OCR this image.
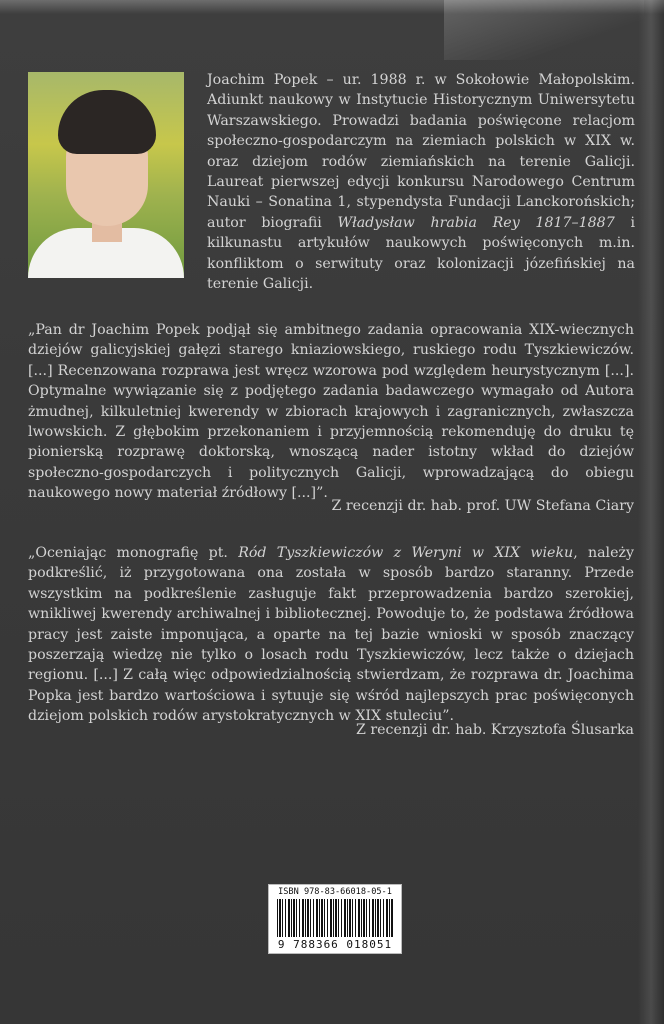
Joachim Popek – ur. 1988 r. w Sokołowie Małopolskim. Adiunkt naukowy w Instytucie Historycznym Uniwersytetu Warszawskiego. Prowadzi badania poświęcone relacjom społeczno-gospodarczym na ziemiach polskich w XIX w. oraz dziejom rodów ziemiańskich na terenie Galicji. Laureat pierwszej edycji konkursu Narodowego Centrum Nauki – Sonatina 1, stypendysta Fundacji Lanckorońskich; autor biografii Władysław hrabia Rey 1817–1887 i kilkunastu artykułów naukowych poświęconych m.in. konfliktom o serwituty oraz kolonizacji józefińskiej na terenie Galicji.

„Pan dr Joachim Popek podjął się ambitnego zadania opracowania XIX-wiecznych dziejów galicyjskiej gałęzi starego kniaziowskiego, ruskiego rodu Tyszkiewiczów. [...] Recenzowana rozprawa jest wręcz wzorowa pod względem heurystycznym [...]. Optymalne wywiązanie się z podjętego zadania badawczego wymagało od Autora żmudnej, kilkuletniej kwerendy w zbiorach krajowych i zagranicznych, zwłaszcza lwowskich. Z głębokim przekonaniem i przyjemnością rekomenduję do druku tę pionierską rozprawę doktorską, wnoszącą nader istotny wkład do dziejów społeczno-gospodarczych i politycznych Galicji, wprowadzającą do obiegu naukowego nowy materiał źródłowy [...]”.

Z recenzji dr. hab. prof. UW Stefana Ciary

„Oceniając monografię pt. Ród Tyszkiewiczów z Weryni w XIX wieku, należy podkreślić, iż przygotowana ona została w sposób bardzo staranny. Przede wszystkim na podkreślenie zasługuje fakt przeprowadzenia bardzo szerokiej, wnikliwej kwerendy archiwalnej i bibliotecznej. Powoduje to, że podstawa źródłowa pracy jest zaiste imponująca, a oparte na tej bazie wnioski w sposób znaczący poszerzają wiedzę nie tylko o losach rodu Tyszkiewiczów, lecz także o dziejach regionu. [...] Z całą więc odpowiedzialnością stwierdzam, że rozprawa dr. Joachima Popka jest bardzo wartościowa i sytuuje się wśród najlepszych prac poświęconych dziejom polskich rodów arystokratycznych w XIX stuleciu”.

Z recenzji dr. hab. Krzysztofa Ślusarka
ISBN 978-83-66018-05-1
9 788366 018051
